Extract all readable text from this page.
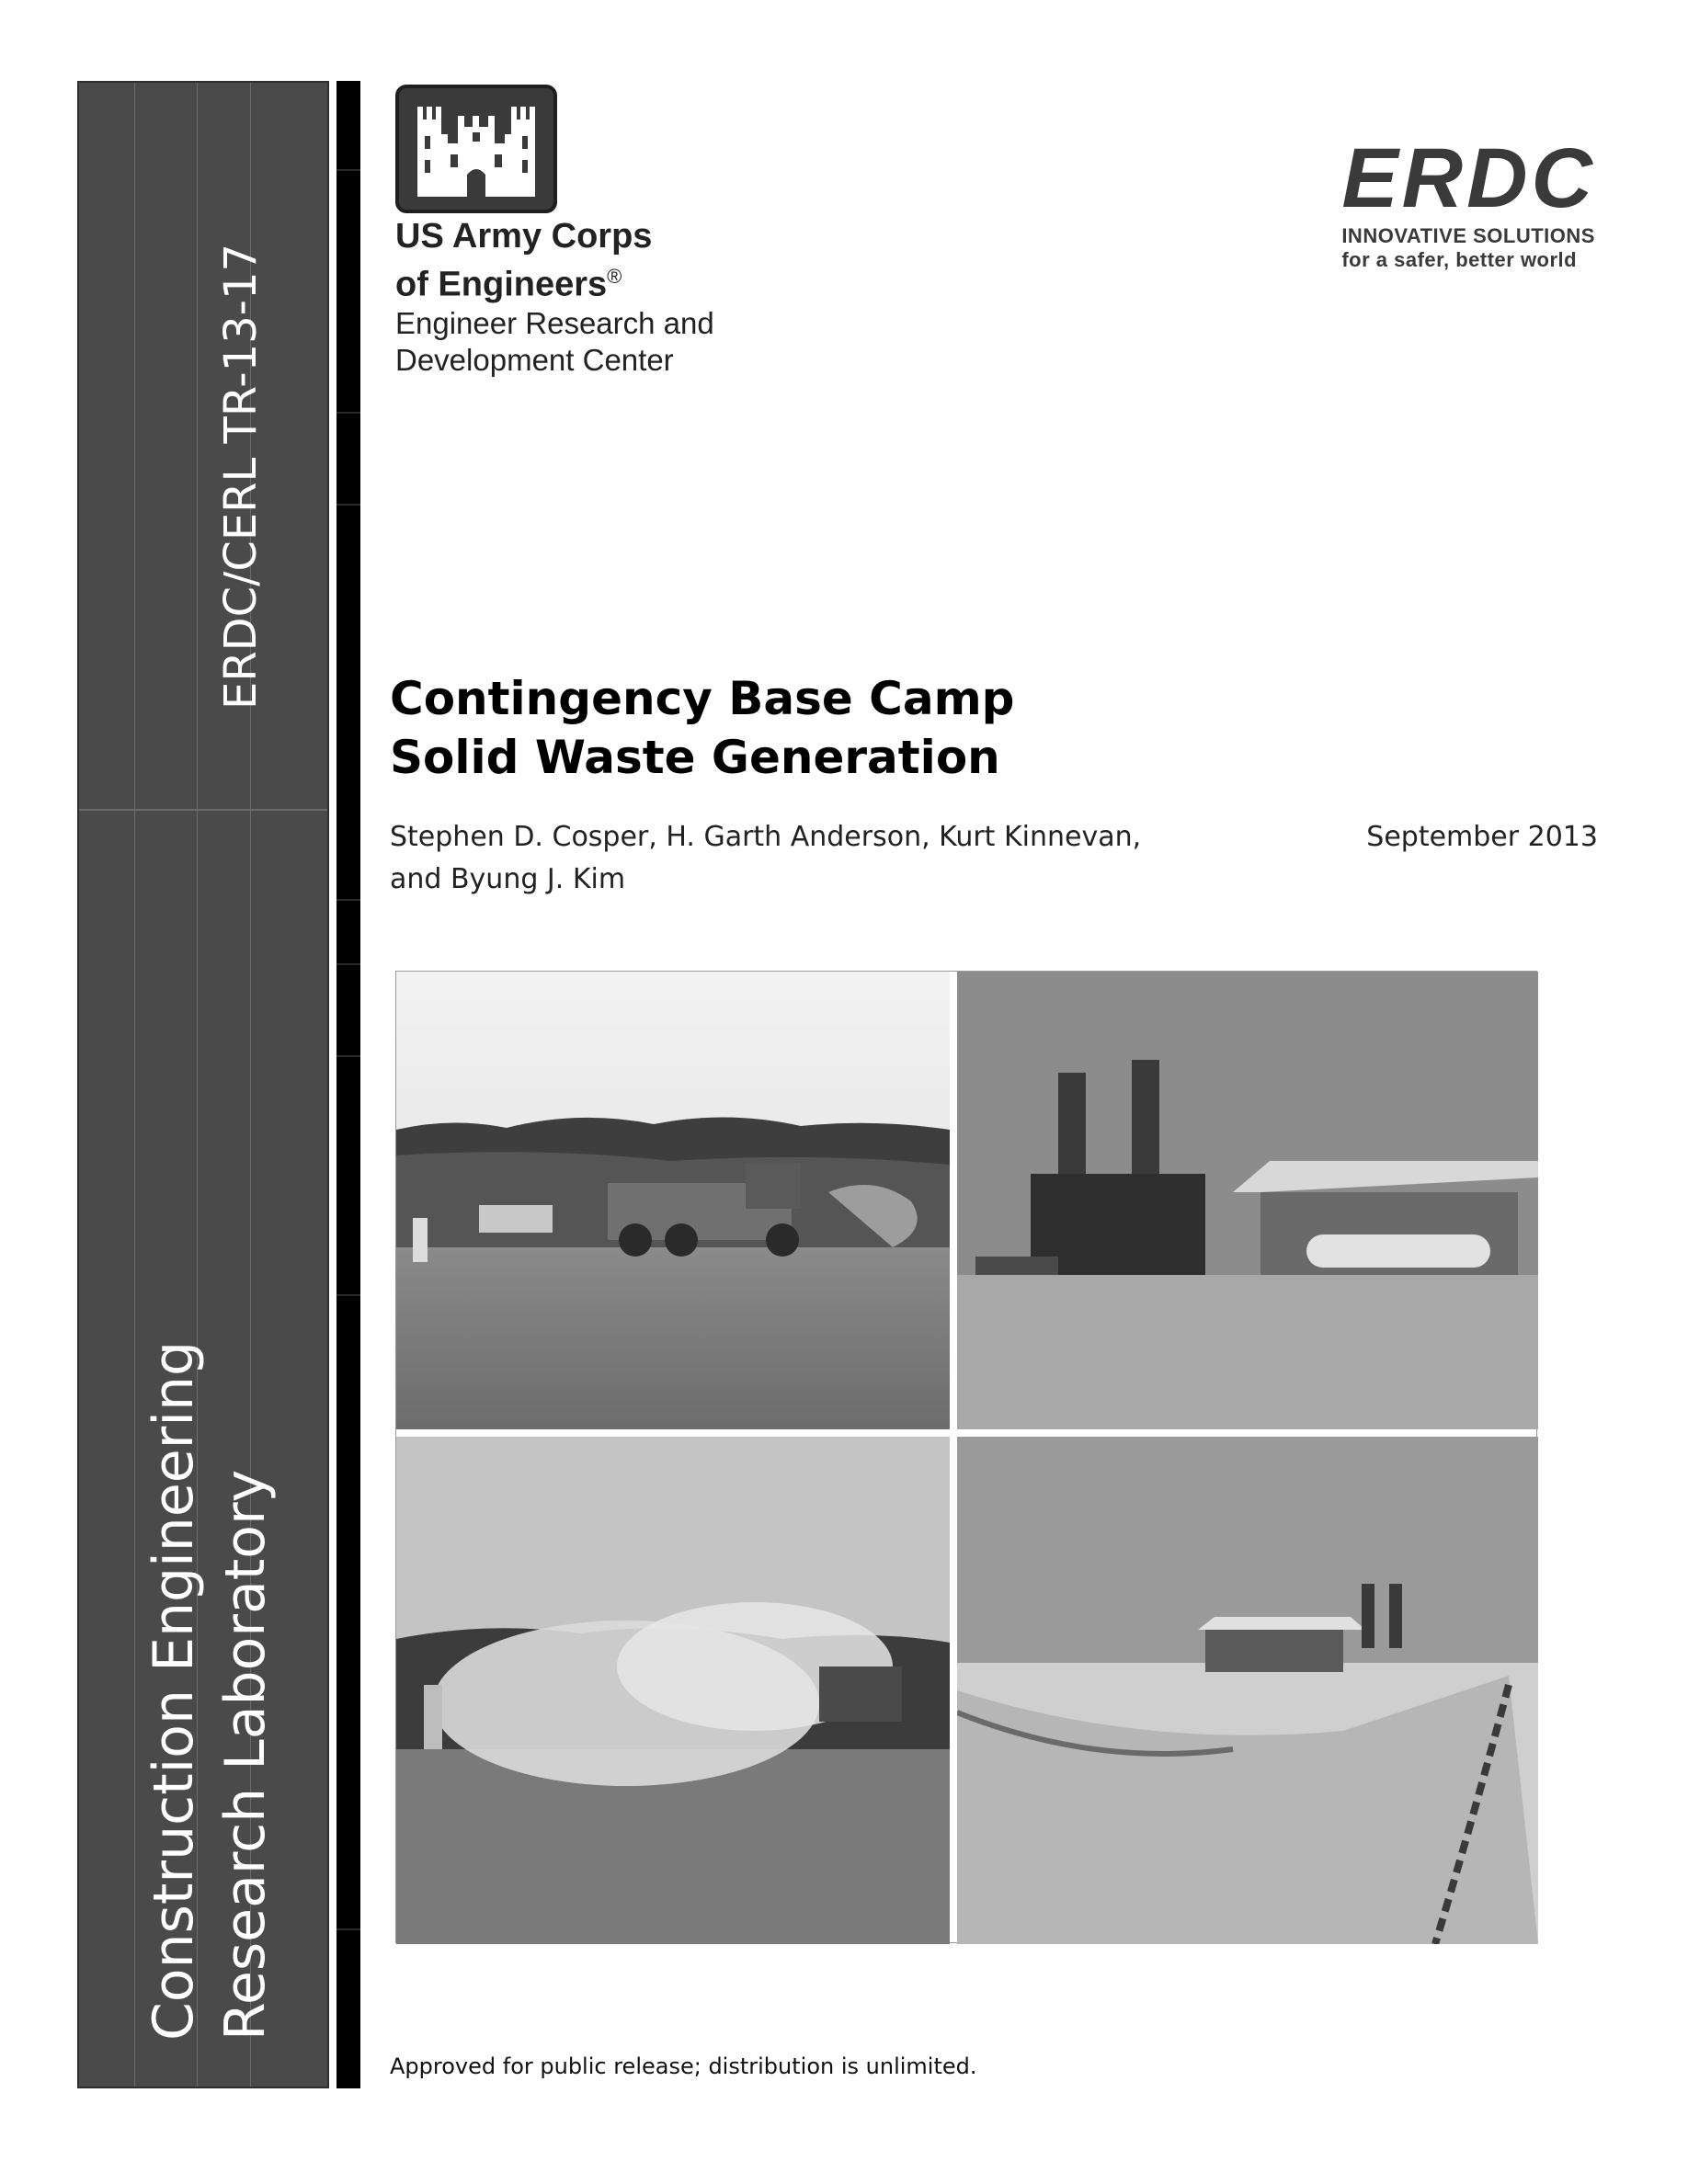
ERDC/CERL TR-13-17
Construction Engineering Research Laboratory
US Army Corps
of Engineers®
Engineer Research and
Development Center
ERDC
INNOVATIVE SOLUTIONS
for a safer, better world
Contingency Base Camp
Solid Waste Generation
Stephen D. Cosper, H. Garth Anderson, Kurt Kinnevan,
and Byung J. Kim
September 2013
Approved for public release; distribution is unlimited.
